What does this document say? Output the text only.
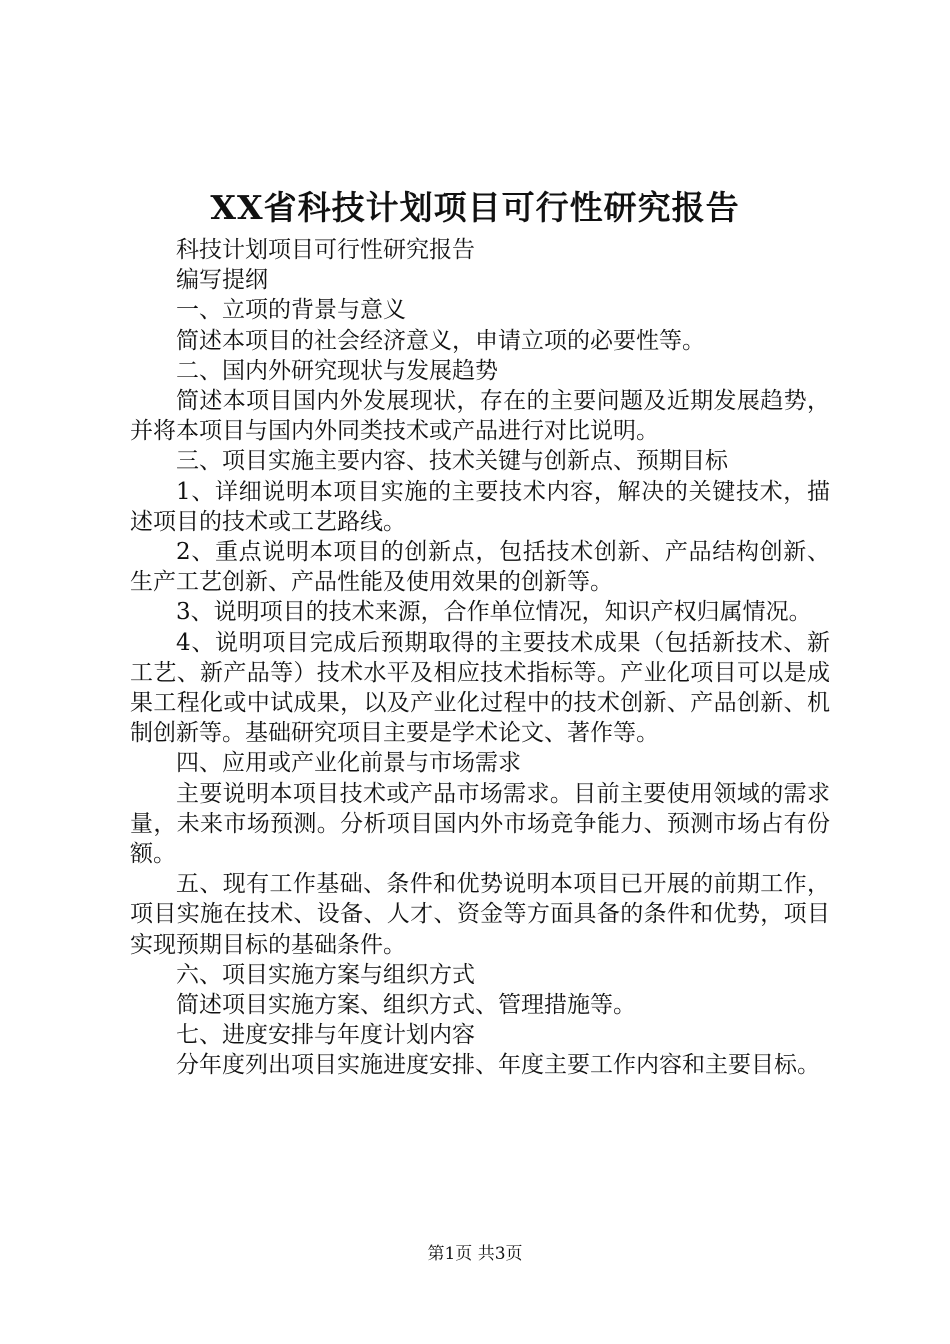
XX省科技计划项目可行性研究报告

科技计划项目可行性研究报告

编写提纲

一、立项的背景与意义

简述本项目的社会经济意义，申请立项的必要性等。

二、国内外研究现状与发展趋势

简述本项目国内外发展现状，存在的主要问题及近期发展趋势，并将本项目与国内外同类技术或产品进行对比说明。

三、项目实施主要内容、技术关键与创新点、预期目标

1、详细说明本项目实施的主要技术内容，解决的关键技术，描述项目的技术或工艺路线。

2、重点说明本项目的创新点，包括技术创新、产品结构创新、生产工艺创新、产品性能及使用效果的创新等。

3、说明项目的技术来源，合作单位情况，知识产权归属情况。

4、说明项目完成后预期取得的主要技术成果（包括新技术、新工艺、新产品等）技术水平及相应技术指标等。产业化项目可以是成果工程化或中试成果，以及产业化过程中的技术创新、产品创新、机制创新等。基础研究项目主要是学术论文、著作等。

四、应用或产业化前景与市场需求

主要说明本项目技术或产品市场需求。目前主要使用领域的需求量，未来市场预测。分析项目国内外市场竞争能力、预测市场占有份额。

五、现有工作基础、条件和优势说明本项目已开展的前期工作，项目实施在技术、设备、人才、资金等方面具备的条件和优势，项目实现预期目标的基础条件。

六、项目实施方案与组织方式

简述项目实施方案、组织方式、管理措施等。

七、进度安排与年度计划内容

分年度列出项目实施进度安排、年度主要工作内容和主要目标。

第1页 共3页
